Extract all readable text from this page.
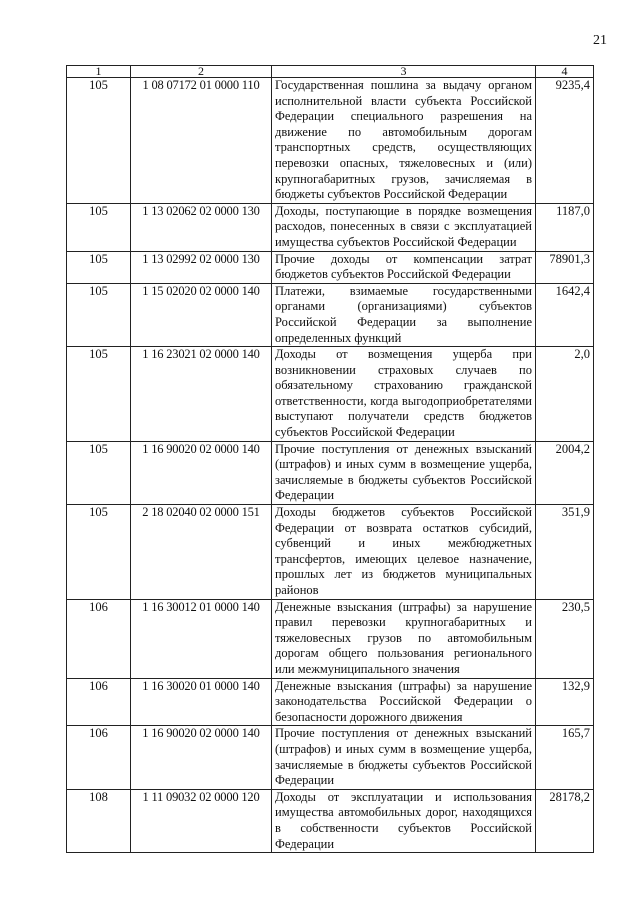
21
1	2	3	4
105	1 08 07172 01 0000 110	Государственная пошлина за выдачу органом исполнительной власти субъекта Российской Федерации специального разрешения на движение по автомобильным дорогам транспортных средств, осуществляющих перевозки опасных, тяжеловесных и (или) крупногабаритных грузов, зачисляемая в бюджеты субъектов Российской Федерации	9235,4
105	1 13 02062 02 0000 130	Доходы, поступающие в порядке возмещения расходов, понесенных в связи с эксплуатацией имущества субъектов Российской Федерации	1187,0
105	1 13 02992 02 0000 130	Прочие доходы от компенсации затрат бюджетов субъектов Российской Федерации	78901,3
105	1 15 02020 02 0000 140	Платежи, взимаемые государственными органами (организациями) субъектов Российской Федерации за выполнение определенных функций	1642,4
105	1 16 23021 02 0000 140	Доходы от возмещения ущерба при возникновении страховых случаев по обязательному страхованию гражданской ответственности, когда выгодоприобретателями выступают получатели средств бюджетов субъектов Российской Федерации	2,0
105	1 16 90020 02 0000 140	Прочие поступления от денежных взысканий (штрафов) и иных сумм в возмещение ущерба, зачисляемые в бюджеты субъектов Российской Федерации	2004,2
105	2 18 02040 02 0000 151	Доходы бюджетов субъектов Российской Федерации от возврата остатков субсидий, субвенций и иных межбюджетных трансфертов, имеющих целевое назначение, прошлых лет из бюджетов муниципальных районов	351,9
106	1 16 30012 01 0000 140	Денежные взыскания (штрафы) за нарушение правил перевозки крупногабаритных и тяжеловесных грузов по автомобильным дорогам общего пользования регионального или межмуниципального значения	230,5
106	1 16 30020 01 0000 140	Денежные взыскания (штрафы) за нарушение законодательства Российской Федерации о безопасности дорожного движения	132,9
106	1 16 90020 02 0000 140	Прочие поступления от денежных взысканий (штрафов) и иных сумм в возмещение ущерба, зачисляемые в бюджеты субъектов Российской Федерации	165,7
108	1 11 09032 02 0000 120	Доходы от эксплуатации и использования имущества автомобильных дорог, находящихся в собственности субъектов Российской Федерации	28178,2
